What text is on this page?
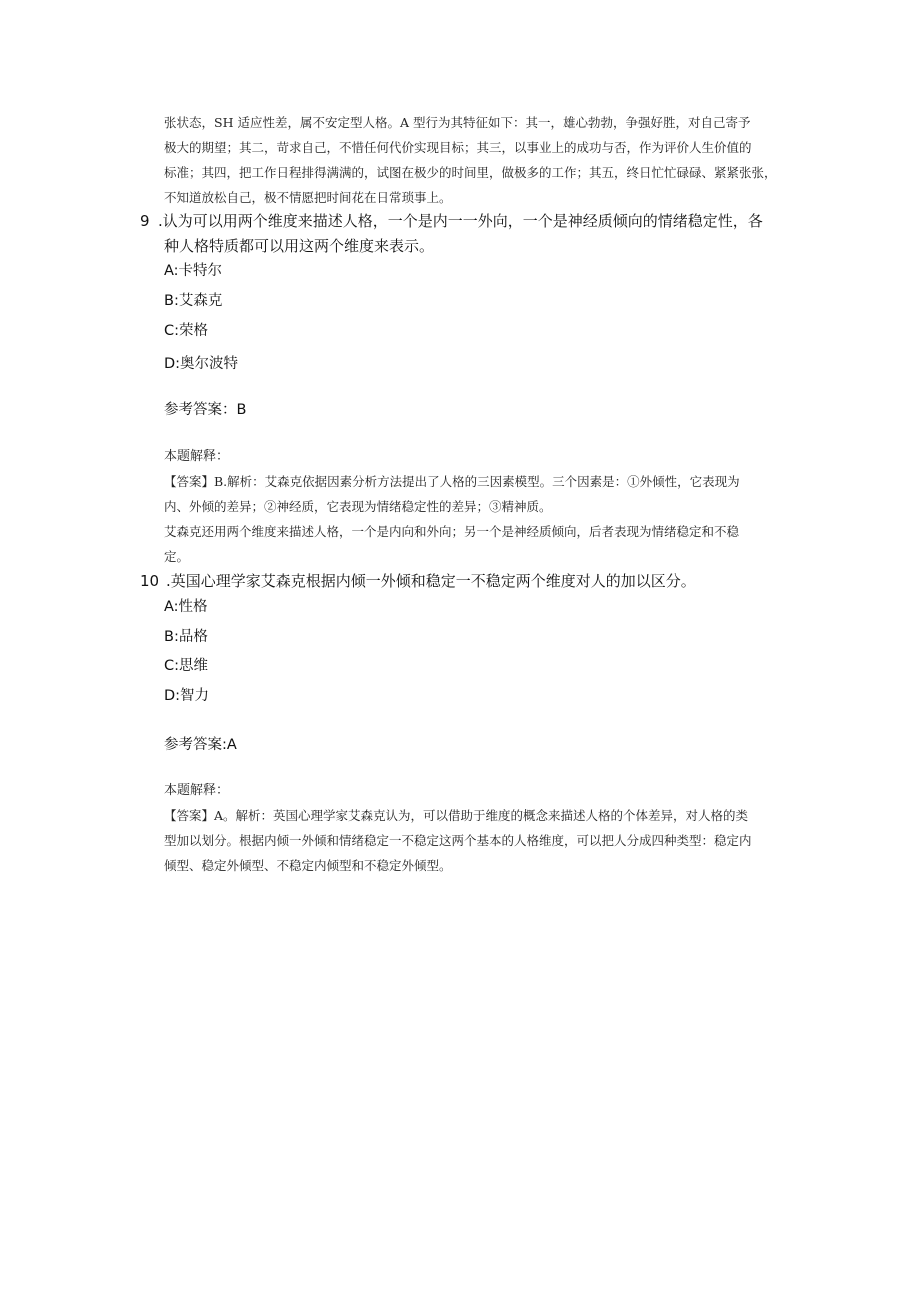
张状态，SH 适应性差，属不安定型人格。A 型行为其特征如下：其一，雄心勃勃，争强好胜，对自己寄予
极大的期望；其二，苛求自己，不惜任何代价实现目标；其三，以事业上的成功与否，作为评价人生价值的
标准；其四，把工作日程排得满满的，试图在极少的时间里，做极多的工作；其五，终日忙忙碌碌、紧紧张张，
不知道放松自己，极不情愿把时间花在日常琐事上。
9 .认为可以用两个维度来描述人格，一个是内一一外向，一个是神经质倾向的情绪稳定性，各
种人格特质都可以用这两个维度来表示。
A:卡特尔
B:艾森克
C:荣格
D:奥尔波特
参考答案：B
本题解释：
【答案】B.解析：艾森克依据因素分析方法提出了人格的三因素模型。三个因素是：①外倾性，它表现为
内、外倾的差异；②神经质，它表现为情绪稳定性的差异；③精神质。
艾森克还用两个维度来描述人格，一个是内向和外向；另一个是神经质倾向，后者表现为情绪稳定和不稳
定。
10 .英国心理学家艾森克根据内倾一外倾和稳定一不稳定两个维度对人的加以区分。
A:性格
B:品格
C:思维
D:智力
参考答案:A
本题解释：
【答案】A。解析：英国心理学家艾森克认为，可以借助于维度的概念来描述人格的个体差异，对人格的类
型加以划分。根据内倾一外倾和情绪稳定一不稳定这两个基本的人格维度，可以把人分成四种类型：稳定内
倾型、稳定外倾型、不稳定内倾型和不稳定外倾型。
